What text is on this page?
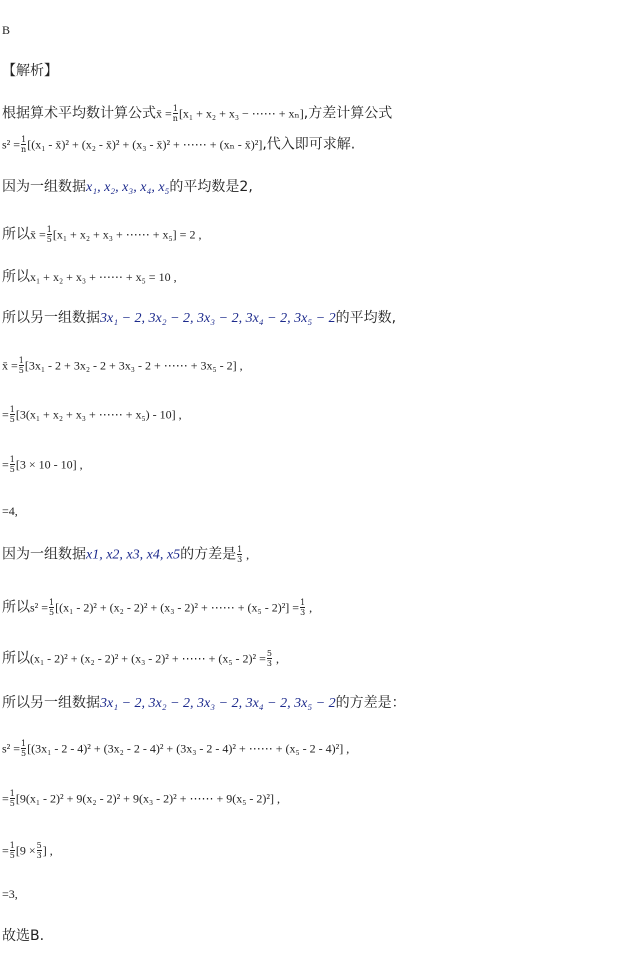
B
【解析】
根据算术平均数计算公式x̄ = $\frac{1}{n} [x_1 + x_2 + x_3$ − ⋯⋯ + xₙ],方差计算公式
$s^2 = \frac{1}{n} [(x_1$ - x̄)² + (x₂ - x̄)² + (x₃ - x̄)² + ⋯⋯ + (xₙ - x̄)²],代入即可求解.
因为一组数据x₁, x₂, x₃, x₄, x₅的平均数是2,
所以x̄ = $\frac{1}{5} [x_1 + x_2 + x_3$ + ⋯⋯ + x₅] = 2 ,
所以x₁ + x₂ + x₃ + ⋯⋯ + x₅ = 10 ,
所以另一组数据3x₁ − 2, 3x₂ − 2, 3x₃ − 2, 3x₄ − 2, 3x₅ − 2的平均数,
x̄ = $\frac{1}{5} [3x_1 - 2 + 3x_2 - 2 + 3x_3 - 2$ + ⋯⋯ + 3x₅ - 2] ,
= $\frac{1}{5} [3(x_1 + x_2 + x_3$ + ⋯⋯ + x₅) - 10] ,
= $\frac{1}{5} [3 \times 10 - 10]$ ,
=4,
因为一组数据x1, x2, x3, x4, x5的方差是 $\frac{1}{3}$ ,
所以$s^2 = \frac{1}{5} [(x_1 - 2)^2 + (x_2 - 2)^2 + (x_3 - 2)^2$ + ⋯⋯ + $(x_5 - 2)^2] = \frac{1}{3}$ ,
所以(x₁ - 2)² + (x₂ - 2)² + (x₃ - 2)² + ⋯⋯ + $(x_5 - 2)^2 = \frac{5}{3}$ ,
所以另一组数据3x₁ − 2, 3x₂ − 2, 3x₃ − 2, 3x₄ − 2, 3x₅ − 2的方差是：
$s^2 = \frac{1}{5} [(3x_1 - 2 - 4)^2 + (3x_2 - 2 - 4)^2 + (3x_3 - 2 - 4)^2$ + ⋯⋯ + (x₅ - 2 - 4)²] ,
= $\frac{1}{5} [9(x_1 - 2)^2 + 9(x_2 - 2)^2 + 9(x_3 - 2)^2$ + ⋯⋯ + 9(x₅ - 2)²] ,
= $\frac{1}{5} [9 \times \frac{5}{3}$ ] ,
=3,
故选B.
